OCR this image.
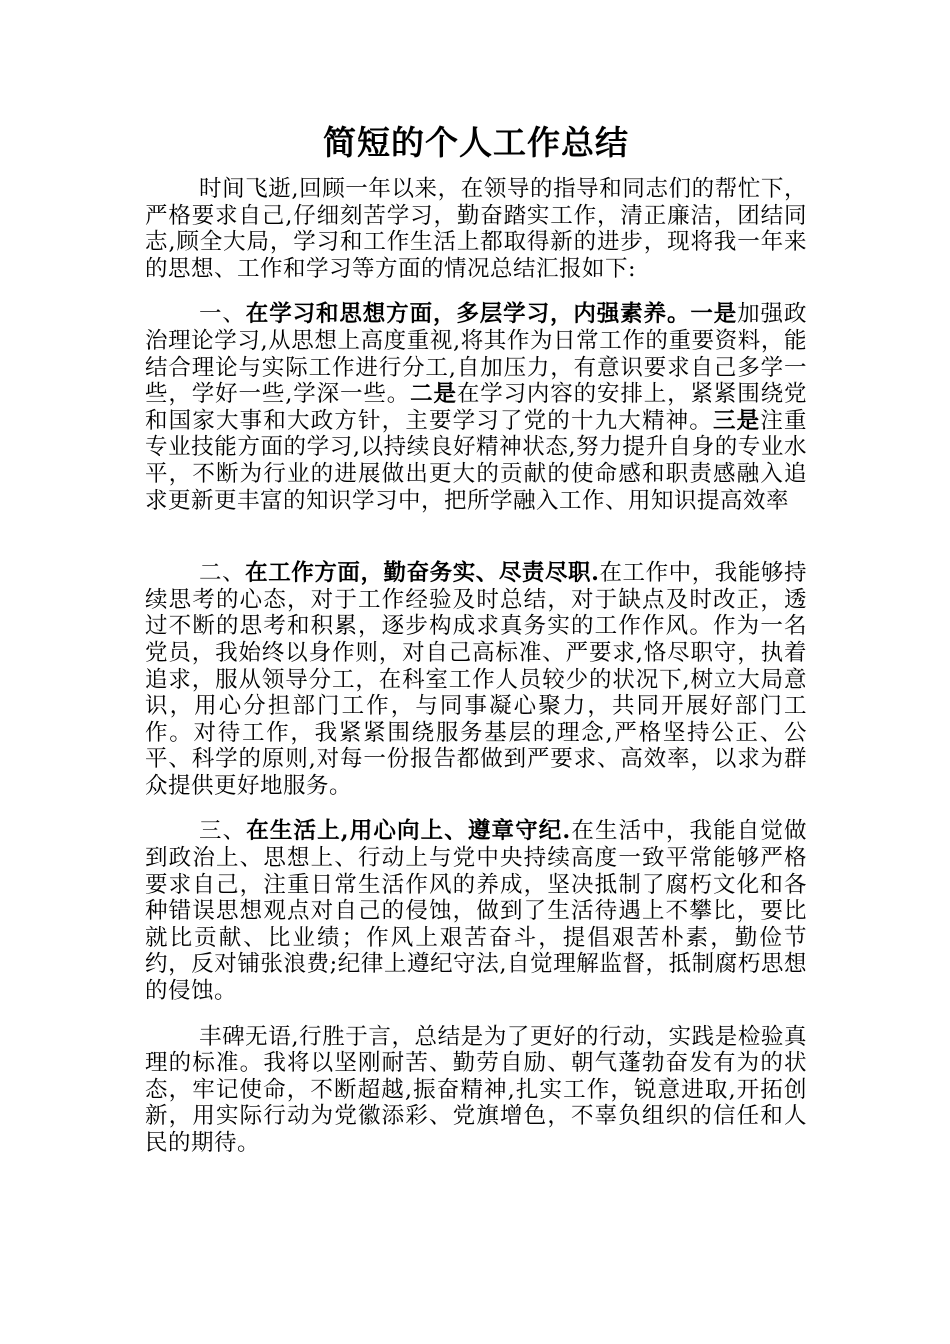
简短的个人工作总结

时间飞逝,回顾一年以来，在领导的指导和同志们的帮忙下，严格要求自己,仔细刻苦学习，勤奋踏实工作，清正廉洁，团结同志,顾全大局，学习和工作生活上都取得新的进步，现将我一年来的思想、工作和学习等方面的情况总结汇报如下:

一、在学习和思想方面，多层学习，内强素养。一是加强政治理论学习,从思想上高度重视,将其作为日常工作的重要资料，能结合理论与实际工作进行分工,自加压力，有意识要求自己多学一些，学好一些,学深一些。二是在学习内容的安排上，紧紧围绕党和国家大事和大政方针，主要学习了党的十九大精神。三是注重专业技能方面的学习,以持续良好精神状态,努力提升自身的专业水平，不断为行业的进展做出更大的贡献的使命感和职责感融入追求更新更丰富的知识学习中，把所学融入工作、用知识提高效率

二、在工作方面，勤奋务实、尽责尽职.在工作中，我能够持续思考的心态，对于工作经验及时总结，对于缺点及时改正，透过不断的思考和积累，逐步构成求真务实的工作作风。作为一名党员，我始终以身作则，对自己高标准、严要求,恪尽职守，执着追求，服从领导分工，在科室工作人员较少的状况下,树立大局意识，用心分担部门工作，与同事凝心聚力，共同开展好部门工作。对待工作，我紧紧围绕服务基层的理念,严格坚持公正、公平、科学的原则,对每一份报告都做到严要求、高效率，以求为群众提供更好地服务。

三、在生活上,用心向上、遵章守纪.在生活中，我能自觉做到政治上、思想上、行动上与党中央持续高度一致平常能够严格要求自己，注重日常生活作风的养成，坚决抵制了腐朽文化和各种错误思想观点对自己的侵蚀，做到了生活待遇上不攀比，要比就比贡献、比业绩；作风上艰苦奋斗，提倡艰苦朴素，勤俭节约，反对铺张浪费;纪律上遵纪守法,自觉理解监督，抵制腐朽思想的侵蚀。

丰碑无语,行胜于言，总结是为了更好的行动，实践是检验真理的标准。我将以坚刚耐苦、勤劳自励、朝气蓬勃奋发有为的状态，牢记使命，不断超越,振奋精神,扎实工作，锐意进取,开拓创新，用实际行动为党徽添彩、党旗增色，不辜负组织的信任和人民的期待。
